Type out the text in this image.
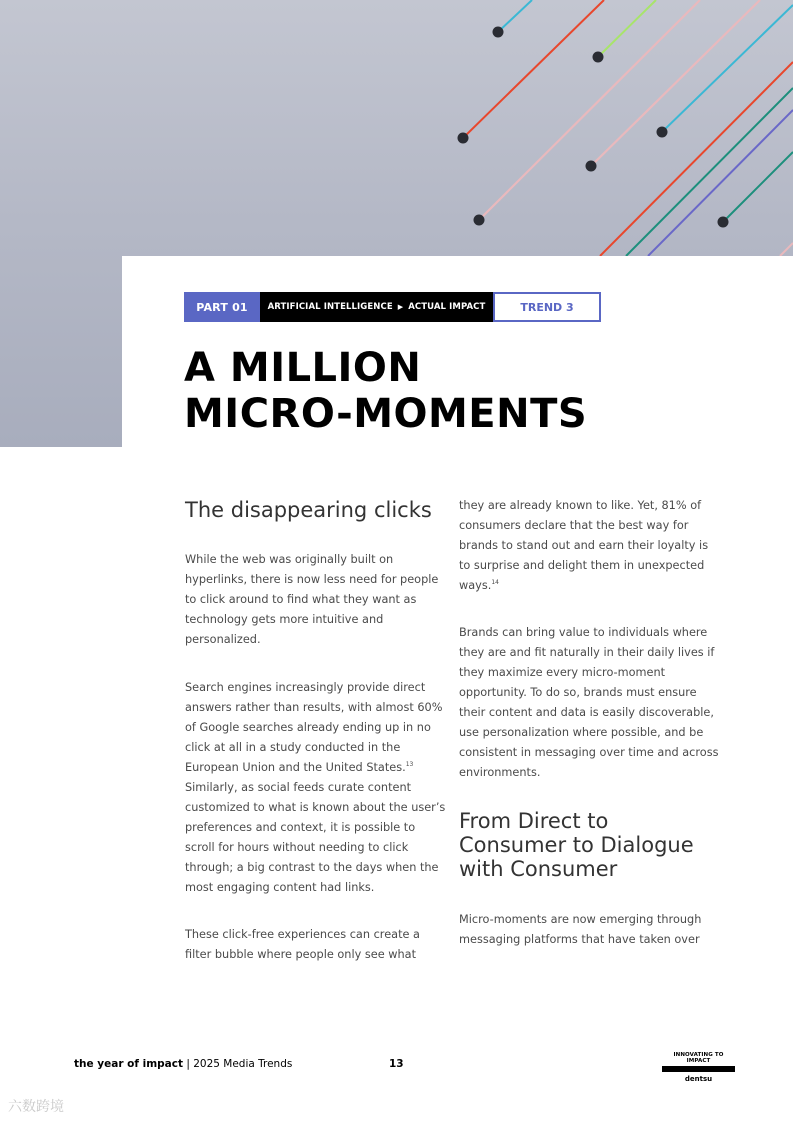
PART 01	ARTIFICIAL INTELLIGENCE ▶ ACTUAL IMPACT	TREND 3
A MILLION
MICRO-MOMENTS
The disappearing clicks

While the web was originally built on hyperlinks, there is now less need for people to click around to find what they want as technology gets more intuitive and personalized.

Search engines increasingly provide direct answers rather than results, with almost 60% of Google searches already ending up in no click at all in a study conducted in the European Union and the United States.$^{13}$ Similarly, as social feeds curate content customized to what is known about the user’s preferences and context, it is possible to scroll for hours without needing to click through; a big contrast to the days when the most engaging content had links.

These click-free experiences can create a filter bubble where people only see what

they are already known to like. Yet, 81% of consumers declare that the best way for brands to stand out and earn their loyalty is to surprise and delight them in unexpected ways.$^{14}$

Brands can bring value to individuals where they are and fit naturally in their daily lives if they maximize every micro-moment opportunity. To do so, brands must ensure their content and data is easily discoverable, use personalization where possible, and be consistent in messaging over time and across environments.

From Direct to Consumer to Dialogue with Consumer

Micro-moments are now emerging through messaging platforms that have taken over

the year of impact | 2025 Media Trends	13
INNOVATING TO IMPACT
dentsu
六数跨境
